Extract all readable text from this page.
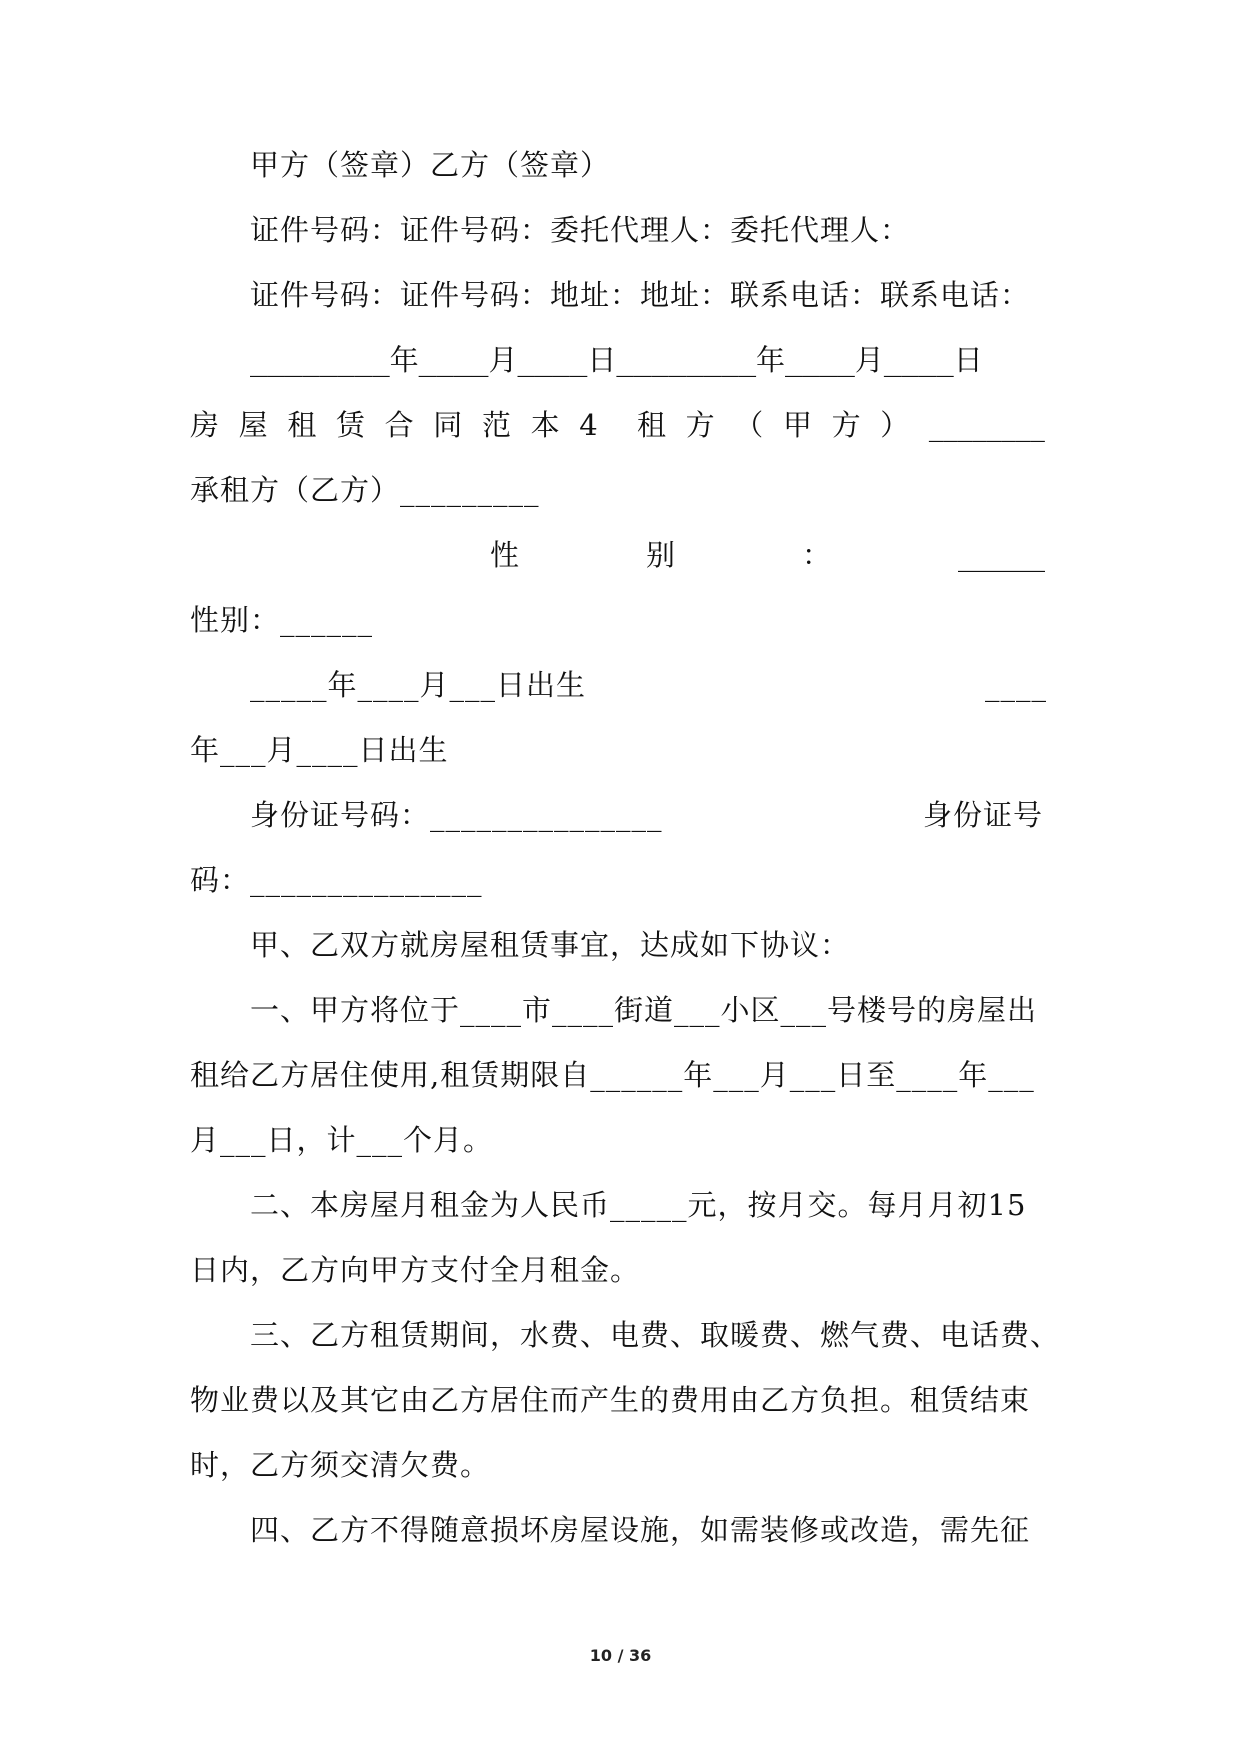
甲方（签章）乙方（签章）
证件号码：证件号码：委托代理人：委托代理人：
证件号码：证件号码：地址：地址：联系电话：联系电话：
________年____月____日________年____月____日
房 屋 租 赁 合 同 范 本 4 租 方 （ 甲 方 ） ________
承租方（乙方）_________
性	别	：	______
性别：______
_____年____月___日出生	____
年___月____日出生
身份证号码：_______________	身份证号
码：_______________
甲、乙双方就房屋租赁事宜，达成如下协议：
一、甲方将位于____市____街道___小区___号楼号的房屋出
租给乙方居住使用,租赁期限自______年___月___日至____年___
月___日，计___个月。
二、本房屋月租金为人民币_____元，按月交。每月月初15
日内，乙方向甲方支付全月租金。
三、乙方租赁期间，水费、电费、取暖费、燃气费、电话费、
物业费以及其它由乙方居住而产生的费用由乙方负担。租赁结束
时，乙方须交清欠费。
四、乙方不得随意损坏房屋设施，如需装修或改造，需先征
10 / 36
